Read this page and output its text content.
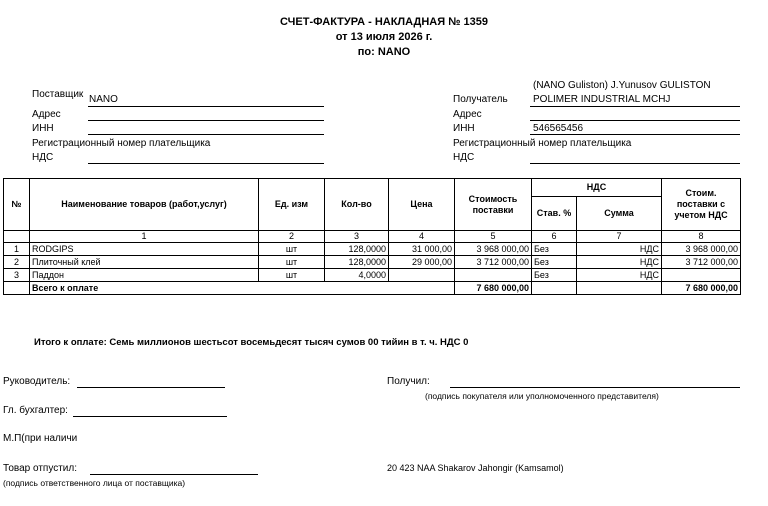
СЧЕТ-ФАКТУРА - НАКЛАДНАЯ № 1359
от 13 июля 2026 г.
по: NANO
Поставщик NANO
Адрес
ИНН
Регистрационный номер плательщика
НДС
(NANO Guliston) J.Yunusov GULISTON
Получатель	POLIMER INDUSTRIAL MCHJ
Адрес
ИНН	546565456
Регистрационный номер плательщика
НДС
№	Наименование товаров (работ,услуг)	Ед. изм	Кол-во	Цена	Стоимость поставки	НДС		Стоим. поставки с учетом НДС
						Став. %	Сумма	
	1	2	3	4	5	6	7	8
1	RODGIPS	шт	128,0000	31 000,00	3 968 000,00	Без	НДС	3 968 000,00
2	Плиточный клей	шт	128,0000	29 000,00	3 712 000,00	Без	НДС	3 712 000,00
3	Паддон	шт	4,0000			Без	НДС	
	Всего к оплате				7 680 000,00			7 680 000,00
Итого к оплате: Семь миллионов шестьсот восемьдесят тысяч сумов 00 тийин в т. ч. НДС 0
Руководитель:	Получил:
(подпись покупателя или уполномоченного представителя)
Гл. бухгалтер:
М.П(при наличи
Товар отпустил:
(подпись ответственного лица от поставщика)
20 423 NAA Shakarov Jahongir (Kamsamol)
